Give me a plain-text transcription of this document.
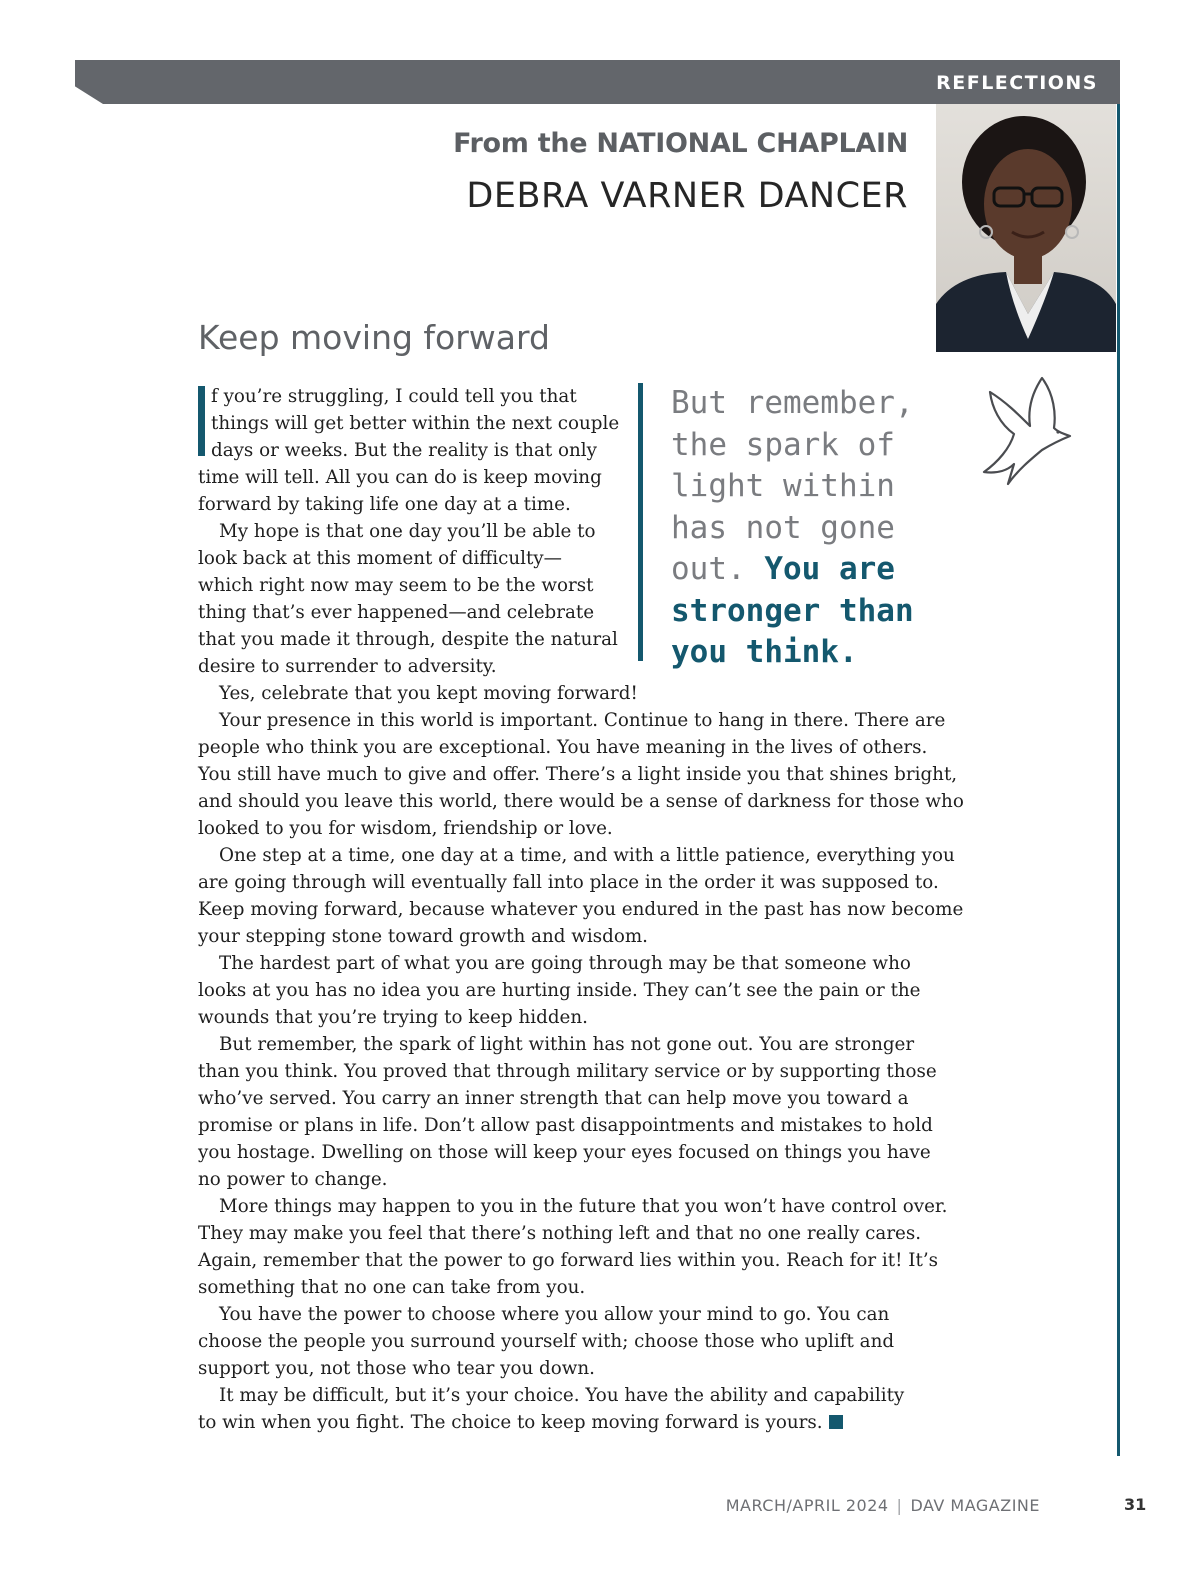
REFLECTIONS
From the NATIONAL CHAPLAIN
DEBRA VARNER DANCER
Keep moving forward
But remember,
the spark of
light within
has not gone
out. You are
stronger than
you think.
f you’re struggling, I could tell you that
things will get better within the next couple
days or weeks. But the reality is that only
time will tell. All you can do is keep moving
forward by taking life one day at a time.
My hope is that one day you’ll be able to
look back at this moment of difficulty—
which right now may seem to be the worst
thing that’s ever happened—and celebrate
that you made it through, despite the natural
desire to surrender to adversity.
Yes, celebrate that you kept moving forward!
Your presence in this world is important. Continue to hang in there. There are
people who think you are exceptional. You have meaning in the lives of others.
You still have much to give and offer. There’s a light inside you that shines bright,
and should you leave this world, there would be a sense of darkness for those who
looked to you for wisdom, friendship or love.
One step at a time, one day at a time, and with a little patience, everything you
are going through will eventually fall into place in the order it was supposed to.
Keep moving forward, because whatever you endured in the past has now become
your stepping stone toward growth and wisdom.
The hardest part of what you are going through may be that someone who
looks at you has no idea you are hurting inside. They can’t see the pain or the
wounds that you’re trying to keep hidden.
But remember, the spark of light within has not gone out. You are stronger
than you think. You proved that through military service or by supporting those
who’ve served. You carry an inner strength that can help move you toward a
promise or plans in life. Don’t allow past disappointments and mistakes to hold
you hostage. Dwelling on those will keep your eyes focused on things you have
no power to change.
More things may happen to you in the future that you won’t have control over.
They may make you feel that there’s nothing left and that no one really cares.
Again, remember that the power to go forward lies within you. Reach for it! It’s
something that no one can take from you.
You have the power to choose where you allow your mind to go. You can
choose the people you surround yourself with; choose those who uplift and
support you, not those who tear you down.
It may be difficult, but it’s your choice. You have the ability and capability
to win when you fight. The choice to keep moving forward is yours.
MARCH/APRIL 2024 | DAV MAGAZINE	31
